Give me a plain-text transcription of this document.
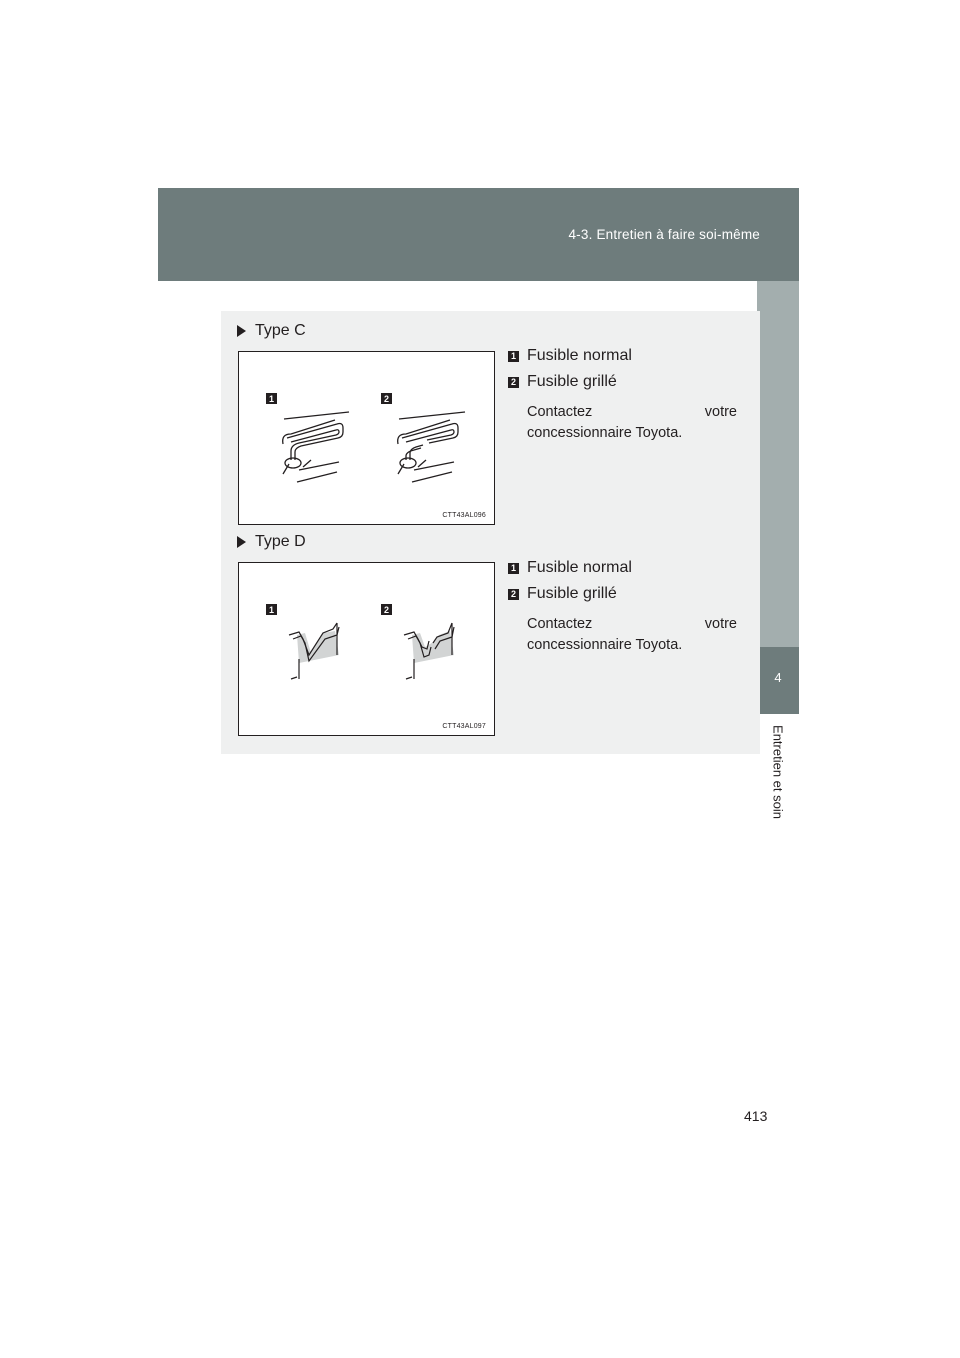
4-3. Entretien à faire soi-même
4
Entretien et soin
Type C
1	2
CTT43AL096
1 Fusible normal
2 Fusible grillé
Contactez	votre
concessionnaire Toyota.
Type D
1	2
CTT43AL097
1 Fusible normal
2 Fusible grillé
Contactez	votre
concessionnaire Toyota.
413
